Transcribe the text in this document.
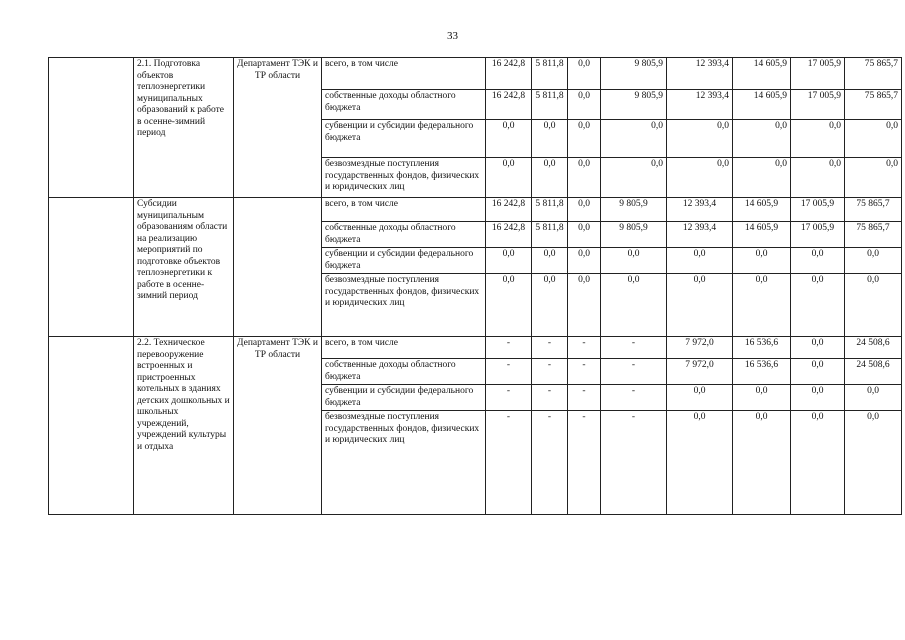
33
	2.1. Подготовка объектов теплоэнергетики муниципальных образований к работе в осенне-зимний период	Департамент ТЭК и ТР области	всего, в том числе	16 242,8	5 811,8	0,0	9 805,9	12 393,4	14 605,9	17 005,9	75 865,7
			собственные доходы областного бюджета	16 242,8	5 811,8	0,0	9 805,9	12 393,4	14 605,9	17 005,9	75 865,7
			субвенции и субсидии федерального бюджета	0,0	0,0	0,0	0,0	0,0	0,0	0,0	0,0
			безвозмездные поступления государственных фондов, физических и юридических лиц	0,0	0,0	0,0	0,0	0,0	0,0	0,0	0,0
	Субсидии муниципальным образованиям области на реализацию мероприятий по подготовке объектов теплоэнергетики к работе в осенне-зимний период		всего, в том числе	16 242,8	5 811,8	0,0	9 805,9	12 393,4	14 605,9	17 005,9	75 865,7
			собственные доходы областного бюджета	16 242,8	5 811,8	0,0	9 805,9	12 393,4	14 605,9	17 005,9	75 865,7
			субвенции и субсидии федерального бюджета	0,0	0,0	0,0	0,0	0,0	0,0	0,0	0,0
			безвозмездные поступления государственных фондов, физических и юридических лиц	0,0	0,0	0,0	0,0	0,0	0,0	0,0	0,0
	2.2. Техническое перевооружение встроенных и пристроенных котельных в зданиях детских дошкольных и школьных учреждений, учреждений культуры и отдыха	Департамент ТЭК и ТР области	всего, в том числе	-	-	-	-	7 972,0	16 536,6	0,0	24 508,6
			собственные доходы областного бюджета	-	-	-	-	7 972,0	16 536,6	0,0	24 508,6
			субвенции и субсидии федерального бюджета	-	-	-	-	0,0	0,0	0,0	0,0
			безвозмездные поступления государственных фондов, физических и юридических лиц	-	-	-	-	0,0	0,0	0,0	0,0
